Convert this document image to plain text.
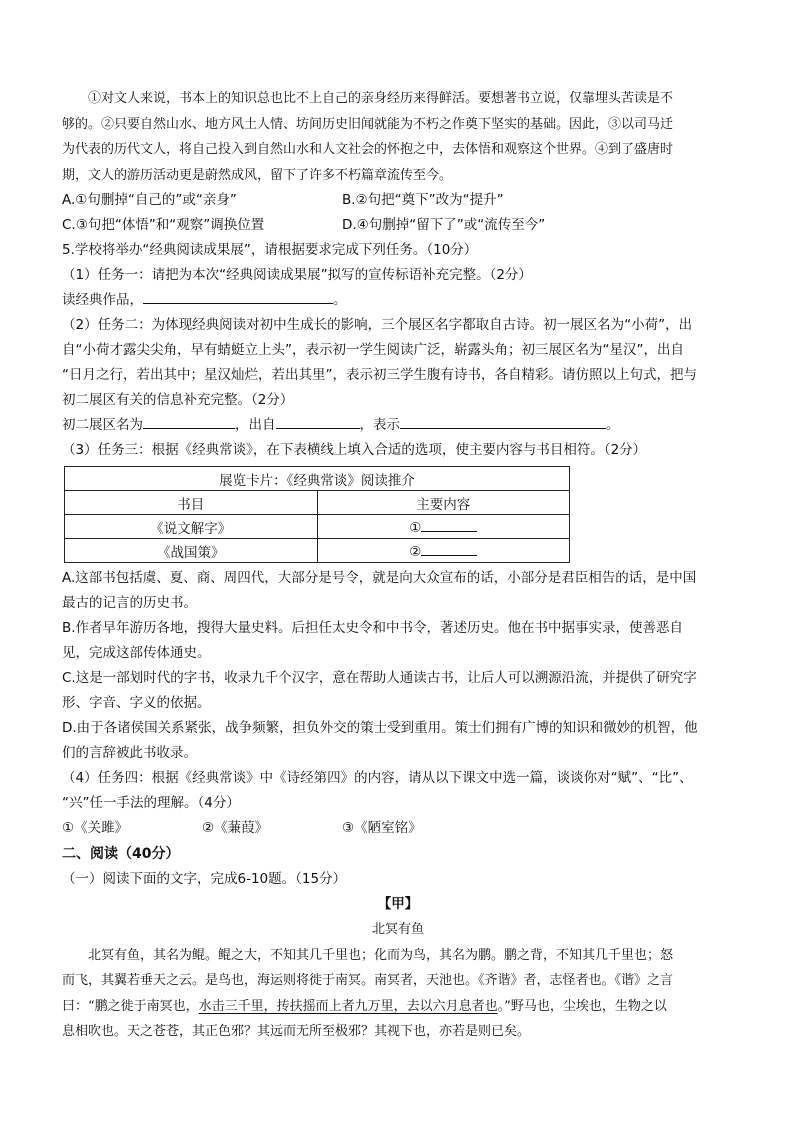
①对文人来说，书本上的知识总也比不上自己的亲身经历来得鲜活。要想著书立说，仅靠埋头苦读是不
够的。②只要自然山水、地方风土人情、坊间历史旧闻就能为不朽之作奠下坚实的基础。因此，③以司马迁
为代表的历代文人，将自己投入到自然山水和人文社会的怀抱之中，去体悟和观察这个世界。④到了盛唐时
期，文人的游历活动更是蔚然成风，留下了许多不朽篇章流传至今。
A.①句删掉“自己的”或“亲身”	B.②句把“奠下”改为“提升”
C.③句把“体悟”和“观察”调换位置	D.④句删掉“留下了”或“流传至今”
5.学校将举办“经典阅读成果展”，请根据要求完成下列任务。（10分）
（1）任务一：请把为本次“经典阅读成果展”拟写的宣传标语补充完整。（2分）
读经典作品，	。
（2）任务二：为体现经典阅读对初中生成长的影响，三个展区名字都取自古诗。初一展区名为“小荷”，出
自“小荷才露尖尖角，早有蜻蜓立上头”，表示初一学生阅读广泛，崭露头角；初三展区名为“星汉”，出自
“日月之行，若出其中；星汉灿烂，若出其里”，表示初三学生腹有诗书，各自精彩。请仿照以上句式，把与
初二展区有关的信息补充完整。（2分）
初二展区名为	，出自	，表示	。
（3）任务三：根据《经典常谈》，在下表横线上填入合适的选项，使主要内容与书目相符。（2分）
展览卡片：《经典常谈》阅读推介	
书目	主要内容
《说文解字》	①
《战国策》	②
A.这部书包括虞、夏、商、周四代，大部分是号令，就是向大众宣布的话，小部分是君臣相告的话，是中国
最古的记言的历史书。
B.作者早年游历各地，搜得大量史料。后担任太史令和中书令，著述历史。他在书中据事实录，使善恶自
见，完成这部传体通史。
C.这是一部划时代的字书，收录九千个汉字，意在帮助人通读古书，让后人可以溯源沿流，并提供了研究字
形、字音、字义的依据。
D.由于各诸侯国关系紧张，战争频繁，担负外交的策士受到重用。策士们拥有广博的知识和微妙的机智，他
们的言辞被此书收录。
（4）任务四：根据《经典常谈》中《诗经第四》的内容，请从以下课文中选一篇，谈谈你对“赋”、“比”、
“兴”任一手法的理解。（4分）
①《关雎》	②《蒹葭》	③《陋室铭》
二、阅读（40分）
（一）阅读下面的文字，完成6-10题。（15分）
【甲】
北冥有鱼
北冥有鱼，其名为鲲。鲲之大，不知其几千里也；化而为鸟，其名为鹏。鹏之背，不知其几千里也；怒
而飞，其翼若垂天之云。是鸟也，海运则将徙于南冥。南冥者，天池也。《齐谐》者，志怪者也。《谐》之言
曰：“鹏之徙于南冥也，水击三千里，抟扶摇而上者九万里，去以六月息者也。”野马也，尘埃也，生物之以
息相吹也。天之苍苍，其正色邪？其远而无所至极邪？其视下也，亦若是则已矣。
